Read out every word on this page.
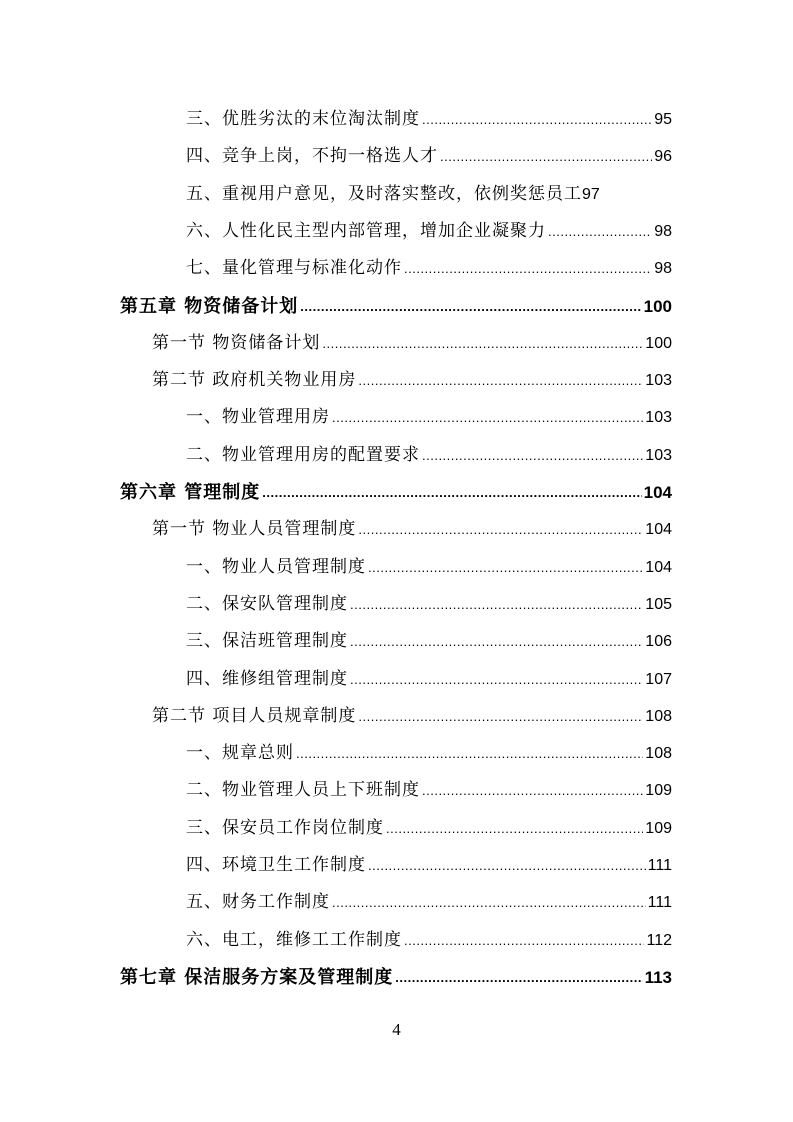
三、优胜劣汰的末位淘汰制度 .....	95
四、竞争上岗，不拘一格选人才 .....	96
五、重视用户意见，及时落实整改，依例奖惩员工 97
六、人性化民主型内部管理，增加企业凝聚力 .....	98
七、量化管理与标准化动作 .....	98
第五章 物资储备计划 .....	100
第一节 物资储备计划 .....	100
第二节 政府机关物业用房 .....	103
一、物业管理用房 .....	103
二、物业管理用房的配置要求 .....	103
第六章 管理制度 .....	104
第一节 物业人员管理制度 .....	104
一、物业人员管理制度 .....	104
二、保安队管理制度 .....	105
三、保洁班管理制度 .....	106
四、维修组管理制度 .....	107
第二节 项目人员规章制度 .....	108
一、规章总则 .....	108
二、物业管理人员上下班制度 .....	109
三、保安员工作岗位制度 .....	109
四、环境卫生工作制度 .....	111
五、财务工作制度 .....	111
六、电工，维修工工作制度 .....	112
第七章 保洁服务方案及管理制度 .....	113
4
